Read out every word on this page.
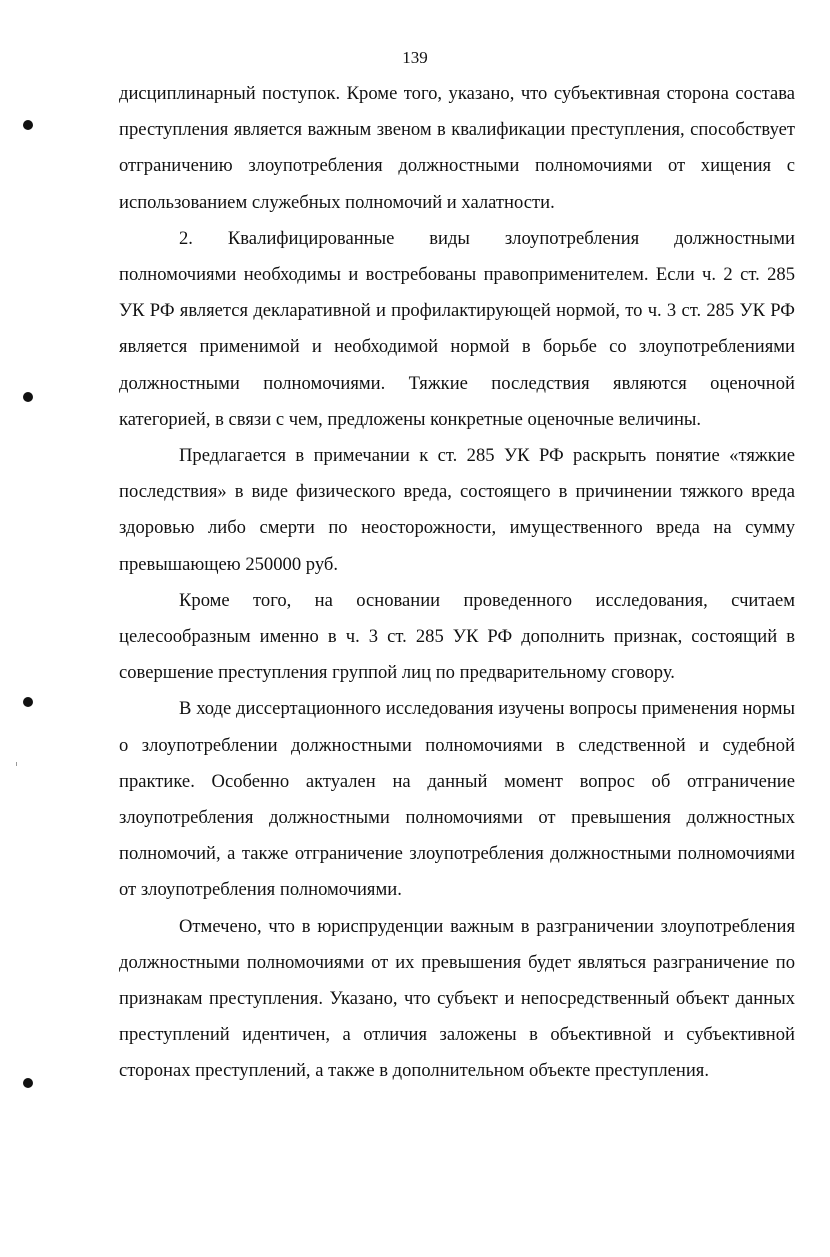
139

дисциплинарный поступок. Кроме того, указано, что субъективная сторона состава преступления является важным звеном в квалификации преступления, способствует отграничению злоупотребления должностными полномочиями от хищения с использованием служебных полномочий и халатности.

2. Квалифицированные виды злоупотребления должностными полномочиями необходимы и востребованы правоприменителем. Если ч. 2 ст. 285 УК РФ является декларативной и профилактирующей нормой, то ч. 3 ст. 285 УК РФ является применимой и необходимой нормой в борьбе со злоупотреблениями должностными полномочиями. Тяжкие последствия являются оценочной категорией, в связи с чем, предложены конкретные оценочные величины.

Предлагается в примечании к ст. 285 УК РФ раскрыть понятие «тяжкие последствия» в виде физического вреда, состоящего в причинении тяжкого вреда здоровью либо смерти по неосторожности, имущественного вреда на сумму превышающею 250000 руб.

Кроме того, на основании проведенного исследования, считаем целесообразным именно в ч. 3 ст. 285 УК РФ дополнить признак, состоящий в совершение преступления группой лиц по предварительному сговору.

В ходе диссертационного исследования изучены вопросы применения нормы о злоупотреблении должностными полномочиями в следственной и судебной практике. Особенно актуален на данный момент вопрос об отграничение злоупотребления должностными полномочиями от превышения должностных полномочий, а также отграничение злоупотребления должностными полномочиями от злоупотребления полномочиями.

Отмечено, что в юриспруденции важным в разграничении злоупотребления должностными полномочиями от их превышения будет являться разграничение по признакам преступления. Указано, что субъект и непосредственный объект данных преступлений идентичен, а отличия заложены в объективной и субъективной сторонах преступлений, а также в дополнительном объекте преступления.
